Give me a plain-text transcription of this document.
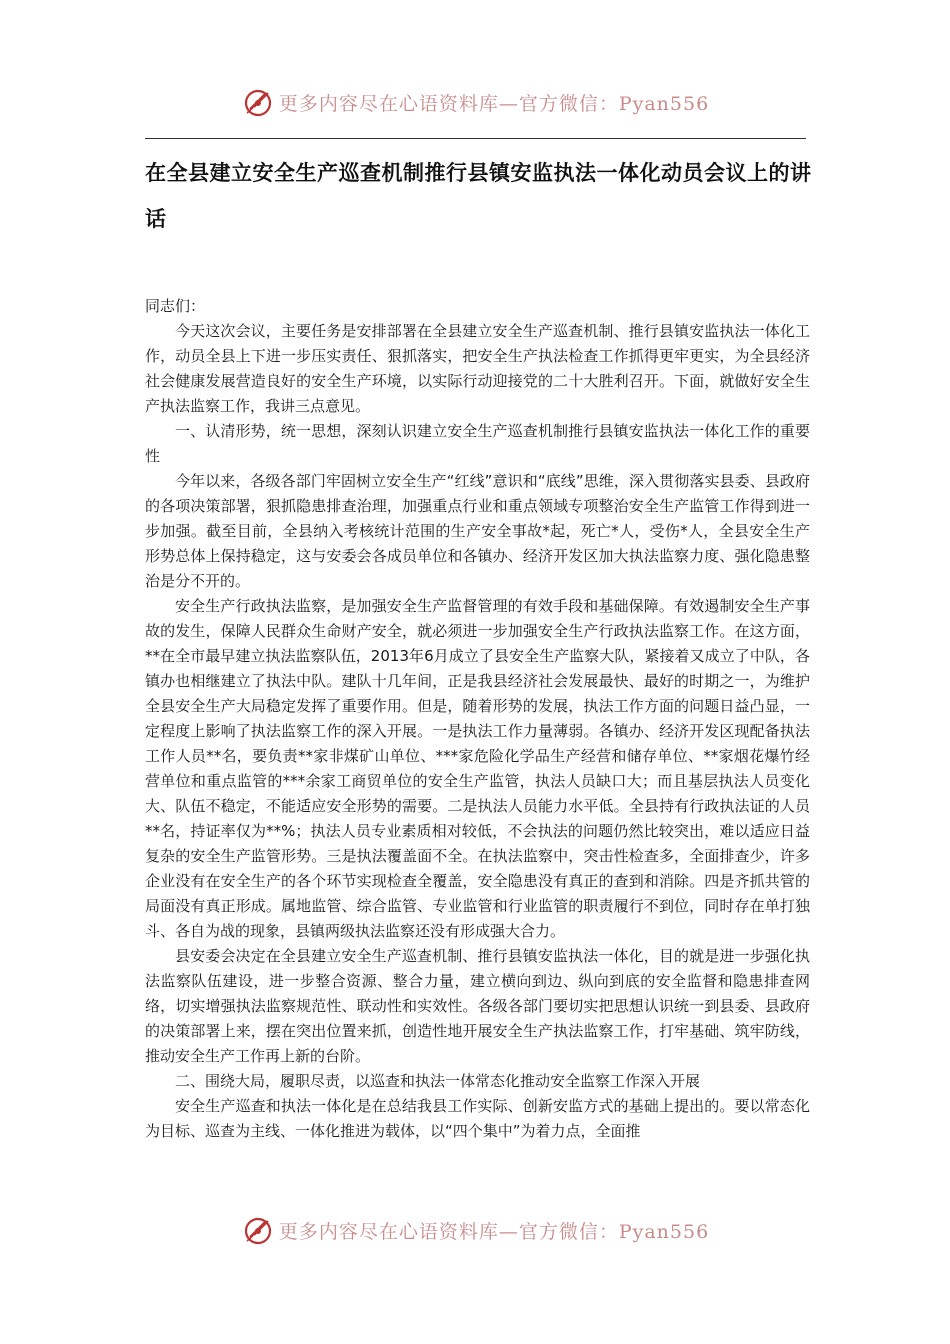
更多内容尽在心语资料库—官方微信：Pyan556
在全县建立安全生产巡查机制推行县镇安监执法一体化动员会议上的讲话

同志们：

今天这次会议，主要任务是安排部署在全县建立安全生产巡查机制、推行县镇安监执法一体化工作，动员全县上下进一步压实责任、狠抓落实，把安全生产执法检查工作抓得更牢更实，为全县经济社会健康发展营造良好的安全生产环境，以实际行动迎接党的二十大胜利召开。下面，就做好安全生产执法监察工作，我讲三点意见。

一、认清形势，统一思想，深刻认识建立安全生产巡查机制推行县镇安监执法一体化工作的重要性

今年以来，各级各部门牢固树立安全生产“红线”意识和“底线”思维，深入贯彻落实县委、县政府的各项决策部署，狠抓隐患排查治理，加强重点行业和重点领域专项整治安全生产监管工作得到进一步加强。截至目前，全县纳入考核统计范围的生产安全事故*起，死亡*人，受伤*人，全县安全生产形势总体上保持稳定，这与安委会各成员单位和各镇办、经济开发区加大执法监察力度、强化隐患整治是分不开的。

安全生产行政执法监察，是加强安全生产监督管理的有效手段和基础保障。有效遏制安全生产事故的发生，保障人民群众生命财产安全，就必须进一步加强安全生产行政执法监察工作。在这方面，**在全市最早建立执法监察队伍，2013年6月成立了县安全生产监察大队，紧接着又成立了中队，各镇办也相继建立了执法中队。建队十几年间，正是我县经济社会发展最快、最好的时期之一，为维护全县安全生产大局稳定发挥了重要作用。但是，随着形势的发展，执法工作方面的问题日益凸显，一定程度上影响了执法监察工作的深入开展。一是执法工作力量薄弱。各镇办、经济开发区现配备执法工作人员**名，要负责**家非煤矿山单位、***家危险化学品生产经营和储存单位、**家烟花爆竹经营单位和重点监管的***余家工商贸单位的安全生产监管，执法人员缺口大；而且基层执法人员变化大、队伍不稳定，不能适应安全形势的需要。二是执法人员能力水平低。全县持有行政执法证的人员**名，持证率仅为**%；执法人员专业素质相对较低，不会执法的问题仍然比较突出，难以适应日益复杂的安全生产监管形势。三是执法覆盖面不全。在执法监察中，突击性检查多，全面排查少，许多企业没有在安全生产的各个环节实现检查全覆盖，安全隐患没有真正的查到和消除。四是齐抓共管的局面没有真正形成。属地监管、综合监管、专业监管和行业监管的职责履行不到位，同时存在单打独斗、各自为战的现象，县镇两级执法监察还没有形成强大合力。

县安委会决定在全县建立安全生产巡查机制、推行县镇安监执法一体化，目的就是进一步强化执法监察队伍建设，进一步整合资源、整合力量，建立横向到边、纵向到底的安全监督和隐患排查网络，切实增强执法监察规范性、联动性和实效性。各级各部门要切实把思想认识统一到县委、县政府的决策部署上来，摆在突出位置来抓，创造性地开展安全生产执法监察工作，打牢基础、筑牢防线，推动安全生产工作再上新的台阶。

二、围绕大局，履职尽责，以巡查和执法一体常态化推动安全监察工作深入开展

安全生产巡查和执法一体化是在总结我县工作实际、创新安监方式的基础上提出的。要以常态化为目标、巡查为主线、一体化推进为载体，以“四个集中”为着力点，全面推

更多内容尽在心语资料库—官方微信：Pyan556
